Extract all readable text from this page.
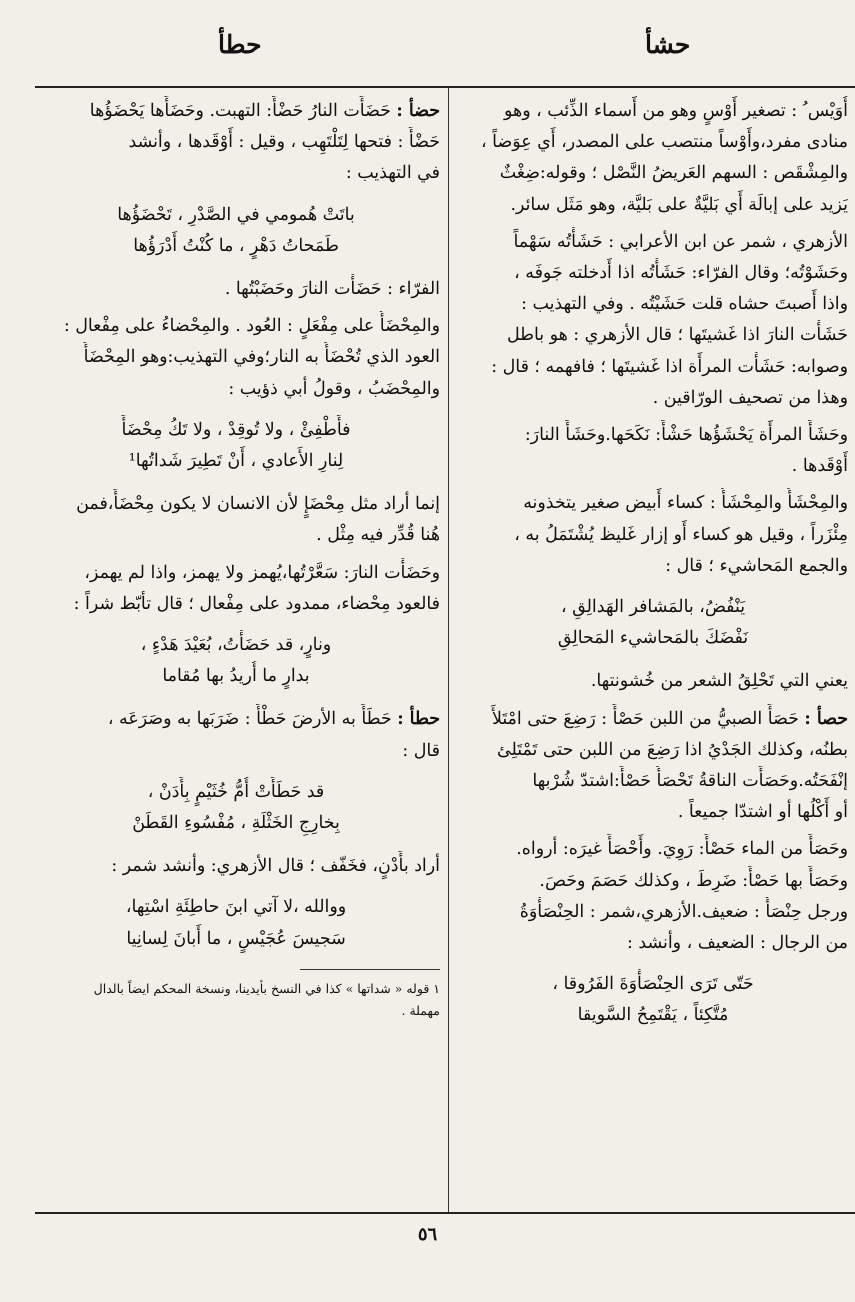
حشأ
حطأ
أُوَيْس ُ : تصغير أَوْسٍ وهو من أَسماء الذِّئب ، وهو
منادى مفرد،وأَوْساً منتصب على المصدر، أَي عِوَضاً ،
والمِشْقَص : السهم العَريضُ النَّصْل ؛ وقوله:ضِغْثٌ
يَزيد على إبالَة أَي بَليَّةٌ على بَليَّة، وهو مَثَل سائر.
الأزهري ، شمر عن ابن الأعرابي : حَشَأْتُه سَهْماً
وحَشَوْتُه؛ وقال الفرّاء: حَشَأْتُه اذا أَدخلته جَوفَه ،
واذا أَصبتَ حشاه قلت حَشَيْتُه . وفي التهذيب :
حَشَأْت النارَ اذا غَشيتَها ؛ قال الأزهري : هو باطل
وصوابه: حَشَأْت المرأَة اذا غَشيتَها ؛ فافهمه ؛ قال :
وهذا من تصحيف الورّاقين .
وحَشَأَ المرأَة يَحْشَؤُها حَشْأً: نَكَحَها.وحَشَأَ النارَ:
أَوْقَدها .
والمِحْشَأُ والمِحْشَأُ : كساء أَبيض صغير يتخذونه
مِئْزَراً ، وقيل هو كساء أَو إزار غَليظ يُشْتَمَلُ به ،
والجمع المَحاشيء ؛ قال :
يَنْفُضُ، بالمَشافر الهَدالِقِ ،
نَفْضَكَ بالمَحاشيء المَحالِقِ
يعني التي تَحْلِقُ الشعر من خُشونتها.
حصأ : حَصَأَ الصبيُّ من اللبن حَصْأً : رَضِعَ حتى امْتَلأَ
بطنُه، وكذلك الجَدْيُ اذا رَضِعَ من اللبن حتى تَمْتَلِئ
إنْفَحَتُه.وحَصَأَت الناقةُ تَحْصَأُ حَصْأً:اشتدّ شُرْبها
أو أَكْلُها أو اشتدّا جميعاً .
وحَصَأَ من الماء حَصْأً: رَوِيَ. وأَحْصَأَ غيرَه: أرواه.
وحَصَأَ بها حَصْأً: ضَرِطَ ، وكذلك حَصَمَ وحَصَ.
ورجل حِنْصَأٌ : ضعيف.الأزهري،شمر : الحِنْصَأْوَةُ
من الرجال : الضعيف ، وأنشد :
حَتّى تَرَى الحِنْصَأْوَةَ الفَرُوقا ،
مُتَّكِئاً ، يَقْتَمِحُ السَّويقا
حضأ : حَضَأَت النارُ حَضْأً: التهبت. وحَضَأَها يَحْضَؤُها
حَضْأً : فتحها لِتَلْتَهِب ، وقيل : أَوْقَدها ، وأنشد
في التهذيب :
باتَتْ هُمومي في الصَّدْرِ ، تَحْضَؤُها
طَمَحاتُ دَهْرٍ ، ما كُنْتُ أَدْرَؤُها
الفرّاء : حَضَأْت النارَ وحَضَبْتُها .
والمِحْضَأُ على مِفْعَلٍ : العُود . والمِحْضاءُ على مِفْعال :
العود الذي تُحْضَأُ به النار؛وفي التهذيب:وهو المِحْضَأُ
والمِحْضَبُ ، وقولُ أبي ذؤيب :
فأَطْفِئْ ، ولا تُوقِدْ ، ولا تَكُ مِحْضَأً
لِنارِ الأَعادي ، أَنْ تَطِيرَ شَداتُها¹
إنما أراد مثل مِحْضَإٍ لأن الانسان لا يكون مِحْضَأً،فمن
هُنا قُدِّر فيه مِثْل .
وحَضَأْت النارَ: سَعَّرْتُها،يُهمز ولا يهمز، واذا لم يهمز،
فالعود مِحْضاء، ممدود على مِفْعال ؛ قال تأبّط شراً :
ونارٍ، قد حَضَأْتُ، بُعَيْدَ هَدْءٍ ،
بدارٍ ما أُريدُ بها مُقاما
حطأ : حَطَأَ به الأرضَ حَطْأً : ضَرَبَها به وصَرَعَه ،
قال :
قد حَطَأَتْ أُمُّ خُثَيْمٍ بِأَدَنْ ،
بِخارِجِ الخَثْلَةِ ، مُفْسُوءِ القَطَنْ
أراد بأَدْنٍ، فخَفّف ؛ قال الأزهري: وأنشد شمر :
ووالله ،لا آتي ابنَ حاطِئَةِ اسْتِها،
سَجيسَ عُجَيْسٍ ، ما أَبانَ لِسانِيا
١ قوله « شداتها » كذا في النسخ بأيدينا، ونسخة المحكم ايضاً بالدال
مهملة .
٥٦
